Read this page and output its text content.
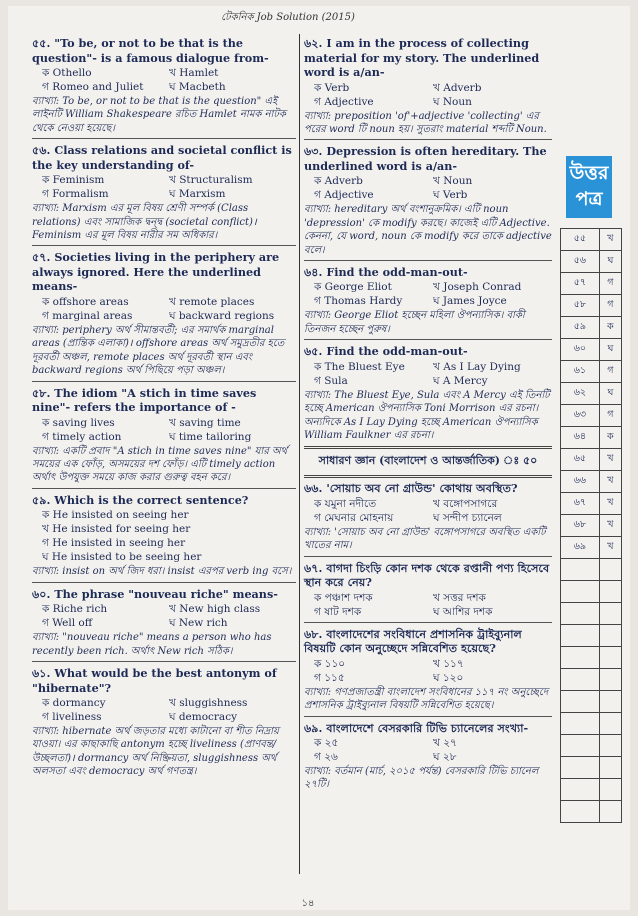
টেকনিক Job Solution (2015)

৫৫. "To be, or not to be that is the question"- is a famous dialogue from-

ক Othello	খ Hamlet
গ Romeo and Juliet	ঘ Macbeth

ব্যাখ্যা: To be, or not to be that is the question" এই লাইনটি William Shakespeare রচিত Hamlet নামক নাটক থেকে নেওয়া হয়েছে।

৫৬. Class relations and societal conflict is the key understanding of-

ক Feminism	খ Structuralism
গ Formalism	ঘ Marxism

ব্যাখ্যা: Marxism এর মূল বিষয় শ্রেণী সম্পর্ক (Class relations) এবং সামাজিক দ্বন্দ্ব (societal conflict)। Feminism এর মূল বিষয় নারীর সম অধিকার।

৫৭. Societies living in the periphery are always ignored. Here the underlined means-

ক offshore areas	খ remote places
গ marginal areas	ঘ backward regions

ব্যাখ্যা: periphery অর্থ সীমান্তবর্তী; এর সমার্থক marginal areas (প্রান্তিক এলাকা)। offshore areas অর্থ সমুদ্রতীর হতে দূরবর্তী অঞ্চল, remote places অর্থ দূরবর্তী স্থান এবং backward regions অর্থ পিছিয়ে পড়া অঞ্চল।

৫৮. The idiom "A stich in time saves nine"- refers the importance of -

ক saving lives	খ saving time
গ timely action	ঘ time tailoring

ব্যাখ্যা: একটি প্রবাদ "A stich in time saves nine" যার অর্থ সময়ের এক ফোঁড়, অসময়ের দশ ফোঁড়। এটি timely action অর্থাৎ উপযুক্ত সময়ে কাজ করার গুরুত্ব বহন করে।

৫৯. Which is the correct sentence?

ক He insisted on seeing her
খ He insisted for seeing her
গ He insisted in seeing her
ঘ He insisted to be seeing her

ব্যাখ্যা: insist on অর্থ জিদ ধরা। insist এরপর verb ing বসে।

৬০. The phrase "nouveau riche" means-

ক Riche rich	খ New high class
গ Well off	ঘ New rich

ব্যাখ্যা: "nouveau riche" means a person who has recently been rich. অর্থাৎ New rich সঠিক।

৬১. What would be the best antonym of "hibernate"?

ক dormancy	খ sluggishness
গ liveliness	ঘ democracy

ব্যাখ্যা: hibernate অর্থ জড়তার মধ্যে কাটানো বা শীত নিদ্রায় যাওয়া। এর কাছাকাছি antonym হচ্ছে liveliness (প্রাণবন্ত/ উচ্ছলতা)। dormancy অর্থ নিষ্ক্রিয়তা, sluggishness অর্থ অলসতা এবং democracy অর্থ গণতন্ত্র।

৬২. I am in the process of collecting material for my story. The underlined word is a/an-

ক Verb	খ Adverb
গ Adjective	ঘ Noun

ব্যাখ্যা: preposition 'of'+adjective 'collecting' এর পরের word টি noun হয়। সুতরাং material শব্দটি Noun.

৬৩. Depression is often hereditary. The underlined word is a/an-

ক Adverb	খ Noun
গ Adjective	ঘ Verb

ব্যাখ্যা: hereditary অর্থ বংশানুক্রমিক। এটি noun 'depression' কে modify করছে। কাজেই এটি Adjective. কেননা, যে word, noun কে modify করে তাকে adjective বলে।

৬৪. Find the odd-man-out-

ক George Eliot	খ Joseph Conrad
গ Thomas Hardy	ঘ James Joyce

ব্যাখ্যা: George Eliot হচ্ছেন মহিলা ঔপন্যাসিক। বাকী তিনজন হচ্ছেন পুরুষ।

৬৫. Find the odd-man-out-

ক The Bluest Eye	খ As I Lay Dying
গ Sula	ঘ A Mercy

ব্যাখ্যা: The Bluest Eye, Sula এবং A Mercy এই তিনটি হচ্ছে American ঔপন্যাসিক Toni Morrison এর রচনা। অন্যদিকে As I Lay Dying হচ্ছে American ঔপন্যাসিক William Faulkner এর রচনা।

সাধারণ জ্ঞান (বাংলাদেশ ও আন্তর্জাতিক) ঃ ৫০

৬৬. 'সোয়াচ অব নো গ্রাউন্ড' কোথায় অবস্থিত?

ক যমুনা নদীতে	খ বঙ্গোপসাগরে
গ মেঘনার মোহনায়	ঘ সন্দীপ চ্যানেল

ব্যাখ্যা: 'সোয়াচ অব নো গ্রাউন্ড' বঙ্গোপসাগরে অবস্থিত একটি খাতের নাম।

৬৭. বাগদা চিংড়ি কোন দশক থেকে রপ্তানী পণ্য হিসেবে স্থান করে নেয়?

ক পঞ্চাশ দশক	খ সত্তর দশক
গ ষাট দশক	ঘ আশির দশক

৬৮. বাংলাদেশের সংবিধানে প্রশাসনিক ট্রাইব্যুনাল বিষয়টি কোন অনুচ্ছেদে সন্নিবেশিত হয়েছে?

ক ১১০	খ ১১৭
গ ১১৫	ঘ ১২০

ব্যাখ্যা: গণপ্রজাতন্ত্রী বাংলাদেশ সংবিধানের ১১৭ নং অনুচ্ছেদে প্রশাসনিক ট্রাইব্যুনাল বিষয়টি সন্নিবেশিত হয়েছে।

৬৯. বাংলাদেশে বেসরকারি টিভি চ্যানেলের সংখ্যা-

ক ২৫	খ ২৭
গ ২৬	ঘ ২৮

ব্যাখ্যা: বর্তমান (মার্চ, ২০১৫ পর্যন্ত) বেসরকারি টিভি চ্যানেল ২৭টি।

উত্তর
পত্র
৫৫	খ
৫৬	ঘ
৫৭	গ
৫৮	গ
৫৯	ক
৬০	ঘ
৬১	গ
৬২	ঘ
৬৩	গ
৬৪	ক
৬৫	খ
৬৬	খ
৬৭	খ
৬৮	খ
৬৯	খ

১৪
